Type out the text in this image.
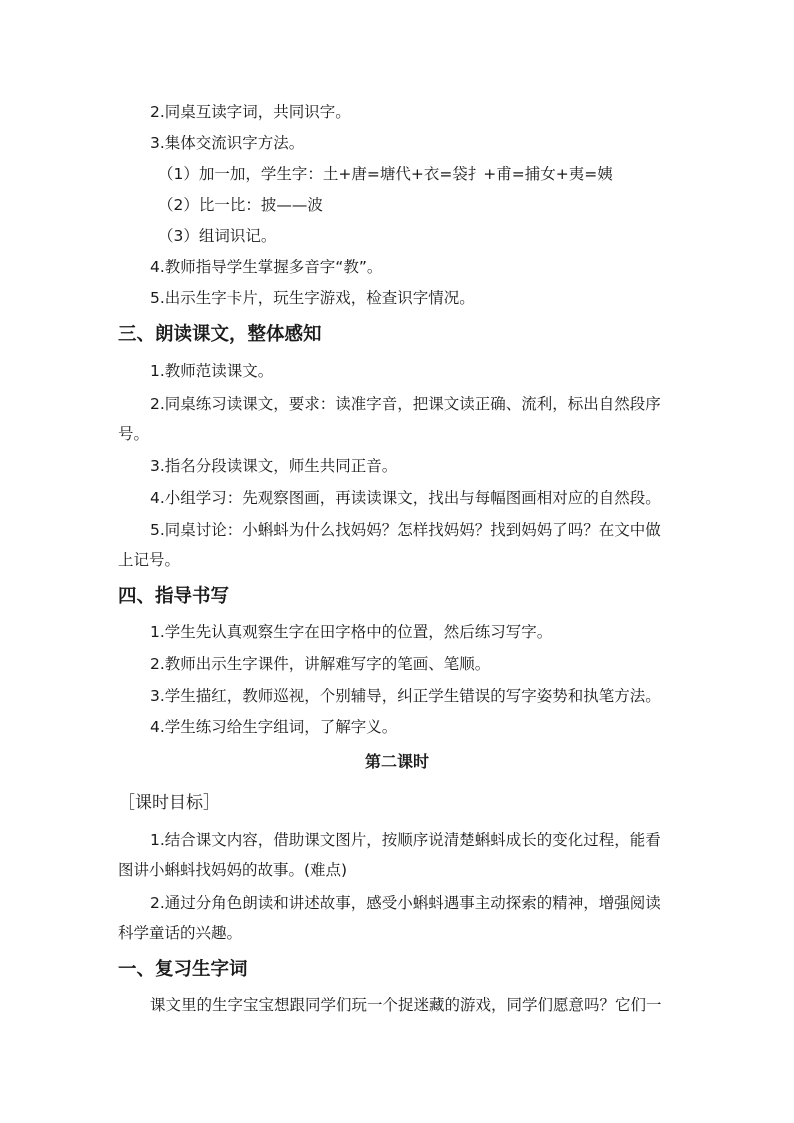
2.同桌互读字词，共同识字。
3.集体交流识字方法。
（1）加一加，学生字：土+唐=塘代+衣=袋扌+甫=捕女+夷=姨
（2）比一比：披——波
（3）组词识记。
4.教师指导学生掌握多音字“教”。
5.出示生字卡片，玩生字游戏，检查识字情况。
三、朗读课文，整体感知
1.教师范读课文。
2.同桌练习读课文，要求：读准字音，把课文读正确、流利，标出自然段序
号。
3.指名分段读课文，师生共同正音。
4.小组学习：先观察图画，再读读课文，找出与每幅图画相对应的自然段。
5.同桌讨论：小蝌蚪为什么找妈妈？怎样找妈妈？找到妈妈了吗？在文中做
上记号。
四、指导书写
1.学生先认真观察生字在田字格中的位置，然后练习写字。
2.教师出示生字课件，讲解难写字的笔画、笔顺。
3.学生描红，教师巡视，个别辅导，纠正学生错误的写字姿势和执笔方法。
4.学生练习给生字组词，了解字义。
第二课时
［课时目标］
1.结合课文内容，借助课文图片，按顺序说清楚蝌蚪成长的变化过程，能看
图讲小蝌蚪找妈妈的故事。(难点)
2.通过分角色朗读和讲述故事，感受小蝌蚪遇事主动探索的精神，增强阅读
科学童话的兴趣。
一、复习生字词
课文里的生字宝宝想跟同学们玩一个捉迷藏的游戏，同学们愿意吗？它们一
